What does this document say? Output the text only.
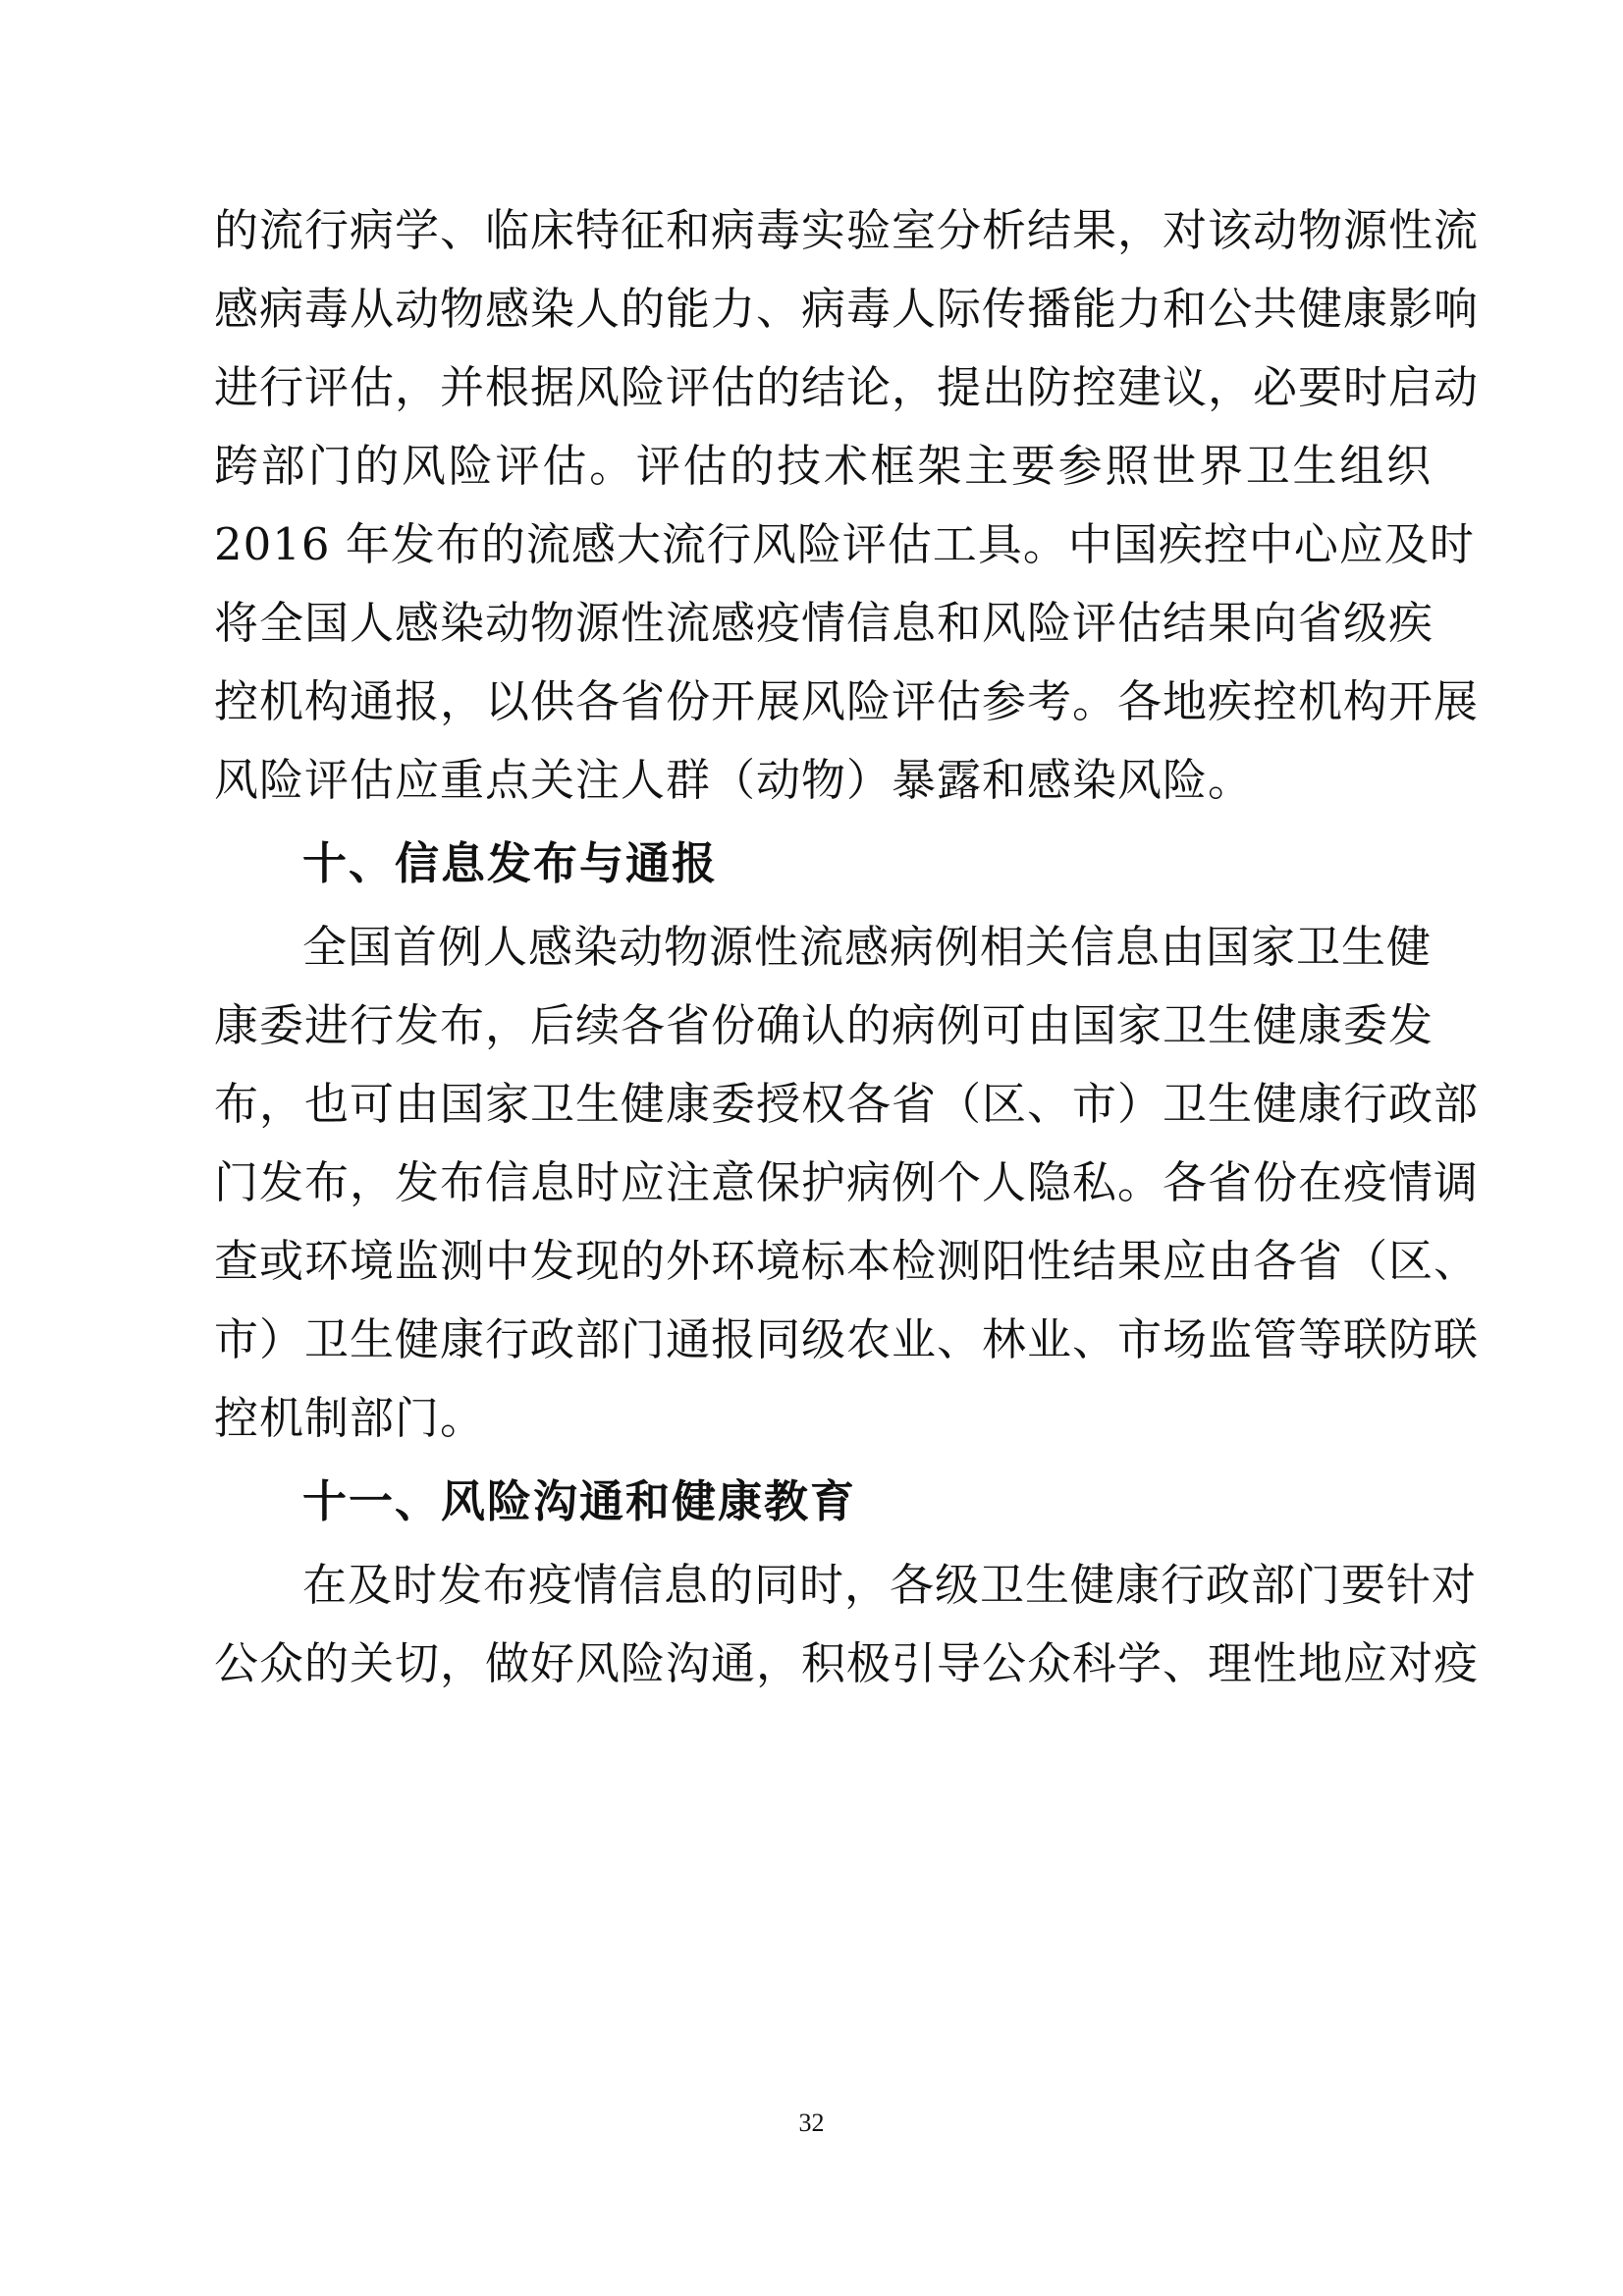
的流行病学、临床特征和病毒实验室分析结果，对该动物源性流
感病毒从动物感染人的能力、病毒人际传播能力和公共健康影响
进行评估，并根据风险评估的结论，提出防控建议，必要时启动
跨部门的风险评估。评估的技术框架主要参照世界卫生组织
2016 年发布的流感大流行风险评估工具。中国疾控中心应及时
将全国人感染动物源性流感疫情信息和风险评估结果向省级疾
控机构通报，以供各省份开展风险评估参考。各地疾控机构开展
风险评估应重点关注人群（动物）暴露和感染风险。
十、信息发布与通报
全国首例人感染动物源性流感病例相关信息由国家卫生健
康委进行发布，后续各省份确认的病例可由国家卫生健康委发
布，也可由国家卫生健康委授权各省（区、市）卫生健康行政部
门发布，发布信息时应注意保护病例个人隐私。各省份在疫情调
查或环境监测中发现的外环境标本检测阳性结果应由各省（区、
市）卫生健康行政部门通报同级农业、林业、市场监管等联防联
控机制部门。
十一、风险沟通和健康教育
在及时发布疫情信息的同时，各级卫生健康行政部门要针对
公众的关切，做好风险沟通，积极引导公众科学、理性地应对疫
32
